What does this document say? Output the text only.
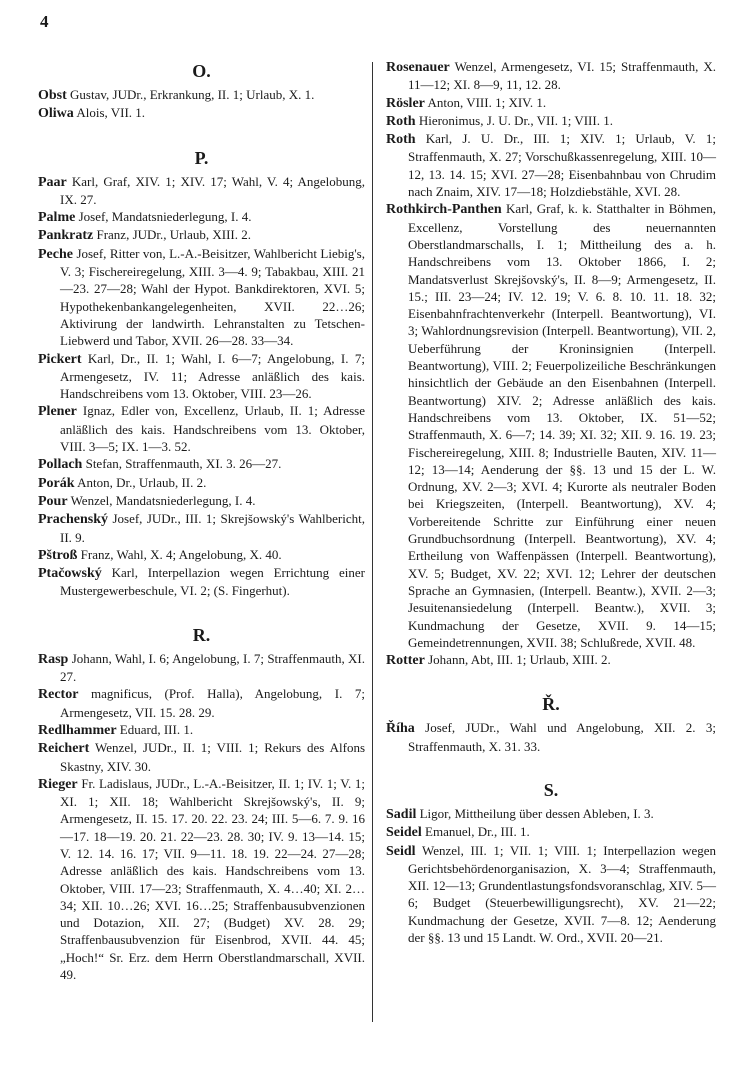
4
O.
Obst Gustav, JUDr., Erkrankung, II. 1; Urlaub, X. 1.
Oliwa Alois, VII. 1.
P.
Paar Karl, Graf, XIV. 1; XIV. 17; Wahl, V. 4; Angelobung, IX. 27.
Palme Josef, Mandatsniederlegung, I. 4.
Pankratz Franz, JUDr., Urlaub, XIII. 2.
Peche Josef, Ritter von, L.-A.-Beisitzer, Wahlbericht Liebig's, V. 3; Fischereiregelung, XIII. 3—4. 9; Tabakbau, XIII. 21—23. 27—28; Wahl der Hypot. Bankdirektoren, XVI. 5; Hypothekenbankangelegenheiten, XVII. 22…26; Aktivirung der landwirth. Lehranstalten zu Tetschen-Liebwerd und Tabor, XVII. 26—28. 33—34.
Pickert Karl, Dr., II. 1; Wahl, I. 6—7; Angelobung, I. 7; Armengesetz, IV. 11; Adresse anläßlich des kais. Handschreibens vom 13. Oktober, VIII. 23—26.
Plener Ignaz, Edler von, Excellenz, Urlaub, II. 1; Adresse anläßlich des kais. Handschreibens vom 13. Oktober, VIII. 3—5; IX. 1—3. 52.
Pollach Stefan, Straffenmauth, XI. 3. 26—27.
Porák Anton, Dr., Urlaub, II. 2.
Pour Wenzel, Mandatsniederlegung, I. 4.
Prachenský Josef, JUDr., III. 1; Skrejšowský's Wahlbericht, II. 9.
Pštroß Franz, Wahl, X. 4; Angelobung, X. 40.
Ptačowský Karl, Interpellazion wegen Errichtung einer Mustergewerbeschule, VI. 2; (S. Fingerhut).
R.
Rasp Johann, Wahl, I. 6; Angelobung, I. 7; Straffenmauth, XI. 27.
Rector magnificus, (Prof. Halla), Angelobung, I. 7; Armengesetz, VII. 15. 28. 29.
Redlhammer Eduard, III. 1.
Reichert Wenzel, JUDr., II. 1; VIII. 1; Rekurs des Alfons Skastny, XIV. 30.
Rieger Fr. Ladislaus, JUDr., L.-A.-Beisitzer, II. 1; IV. 1; V. 1; XI. 1; XII. 18; Wahlbericht Skrejšowský's, II. 9; Armengesetz, II. 15. 17. 20. 22. 23. 24; III. 5—6. 7. 9. 16—17. 18—19. 20. 21. 22—23. 28. 30; IV. 9. 13—14. 15; V. 12. 14. 16. 17; VII. 9—11. 18. 19. 22—24. 27—28; Adresse anläßlich des kais. Handschreibens vom 13. Oktober, VIII. 17—23; Straffenmauth, X. 4…40; XI. 2…34; XII. 10…26; XVI. 16…25; Straffenbausubvenzionen und Dotazion, XII. 27; (Budget) XV. 28. 29; Straffenbausubvenzion für Eisenbrod, XVII. 44. 45; „Hoch!“ Sr. Erz. dem Herrn Oberstlandmarschall, XVII. 49.
Rosenauer Wenzel, Armengesetz, VI. 15; Straffenmauth, X. 11—12; XI. 8—9, 11, 12. 28.
Rösler Anton, VIII. 1; XIV. 1.
Roth Hieronimus, J. U. Dr., VII. 1; VIII. 1.
Roth Karl, J. U. Dr., III. 1; XIV. 1; Urlaub, V. 1; Straffenmauth, X. 27; Vorschußkassenregelung, XIII. 10—12, 13. 14. 15; XVI. 27—28; Eisenbahnbau von Chrudim nach Znaim, XIV. 17—18; Holzdiebstähle, XVI. 28.
Rothkirch-Panthen Karl, Graf, k. k. Statthalter in Böhmen, Excellenz, Vorstellung des neuernannten Oberstlandmarschalls, I. 1; Mittheilung des a. h. Handschreibens vom 13. Oktober 1866, I. 2; Mandatsverlust Skrejšovský's, II. 8—9; Armengesetz, II. 15.; III. 23—24; IV. 12. 19; V. 6. 8. 10. 11. 18. 32; Eisenbahnfrachtenverkehr (Interpell. Beantwortung), VI. 3; Wahlordnungsrevision (Interpell. Beantwortung), VII. 2, Ueberführung der Kroninsignien (Interpell. Beantwortung), VIII. 2; Feuerpolizeiliche Beschränkungen hinsichtlich der Gebäude an den Eisenbahnen (Interpell. Beantwortung) XIV. 2; Adresse anläßlich des kais. Handschreibens vom 13. Oktober, IX. 51—52; Straffenmauth, X. 6—7; 14. 39; XI. 32; XII. 9. 16. 19. 23; Fischereiregelung, XIII. 8; Industrielle Bauten, XIV. 11—12; 13—14; Aenderung der §§. 13 und 15 der L. W. Ordnung, XV. 2—3; XVI. 4; Kurorte als neutraler Boden bei Kriegszeiten, (Interpell. Beantwortung), XV. 4; Vorbereitende Schritte zur Einführung einer neuen Grundbuchsordnung (Interpell. Beantwortung), XV. 4; Ertheilung von Waffenpässen (Interpell. Beantwortung), XV. 5; Budget, XV. 22; XVI. 12; Lehrer der deutschen Sprache an Gymnasien, (Interpell. Beantw.), XVII. 2—3; Jesuitenansiedelung (Interpell. Beantw.), XVII. 3; Kundmachung der Gesetze, XVII. 9. 14—15; Gemeindetrennungen, XVII. 38; Schlußrede, XVII. 48.
Rotter Johann, Abt, III. 1; Urlaub, XIII. 2.
Ř.
Říha Josef, JUDr., Wahl und Angelobung, XII. 2. 3; Straffenmauth, X. 31. 33.
S.
Sadil Ligor, Mittheilung über dessen Ableben, I. 3.
Seidel Emanuel, Dr., III. 1.
Seidl Wenzel, III. 1; VII. 1; VIII. 1; Interpellazion wegen Gerichtsbehördenorganisazion, X. 3—4; Straffenmauth, XII. 12—13; Grundentlastungsfondsvoranschlag, XIV. 5—6; Budget (Steuerbewilligungsrecht), XV. 21—22; Kundmachung der Gesetze, XVII. 7—8. 12; Aenderung der §§. 13 und 15 Landt. W. Ord., XVII. 20—21.
